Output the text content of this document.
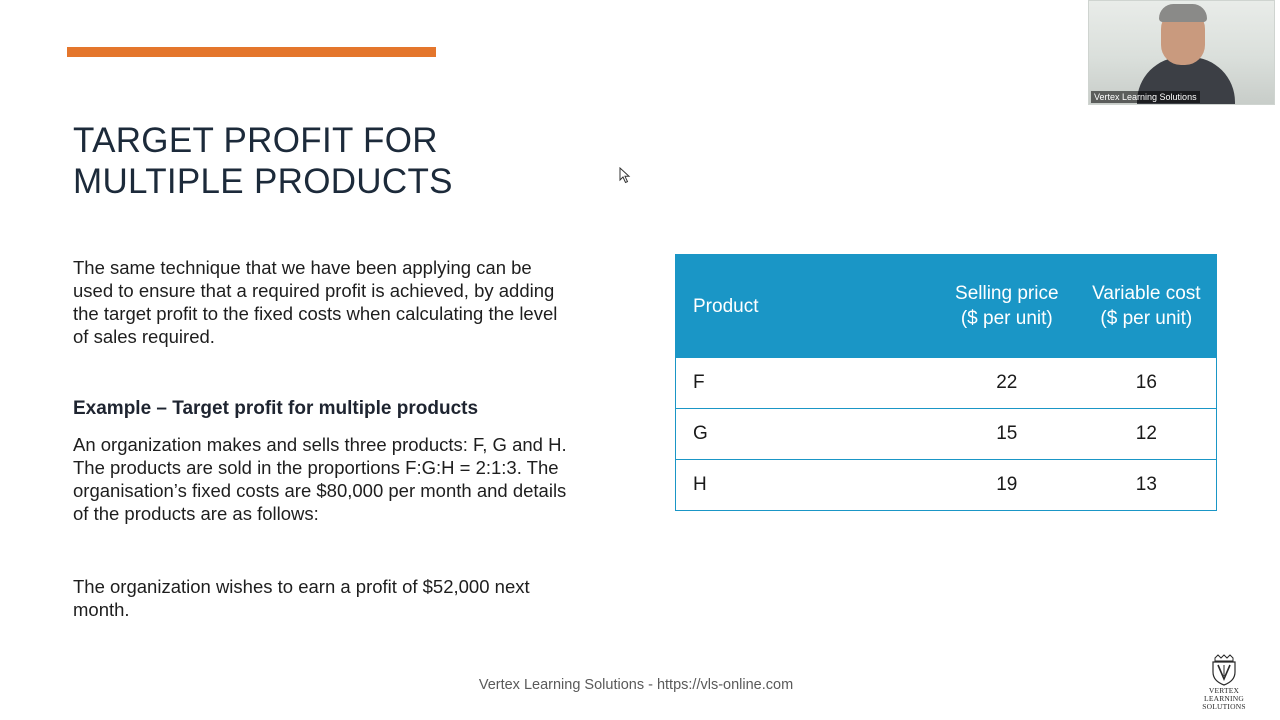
TARGET PROFIT FOR
MULTIPLE PRODUCTS

The same technique that we have been applying can be used to ensure that a required profit is achieved, by adding the target profit to the fixed costs when calculating the level of sales required.

Example – Target profit for multiple products

An organization makes and sells three products: F, G and H. The products are sold in the proportions F:G:H = 2:1:3. The organisation’s fixed costs are $80,000 per month and details of the products are as follows:

The organization wishes to earn a profit of $52,000 next month.

Product	Selling price ($ per unit)	Variable cost ($ per unit)
F	22	16
G	15	12
H	19	13
Vertex Learning Solutions
Vertex Learning Solutions - https://vls-online.com	VERTEX
LEARNING SOLUTIONS
